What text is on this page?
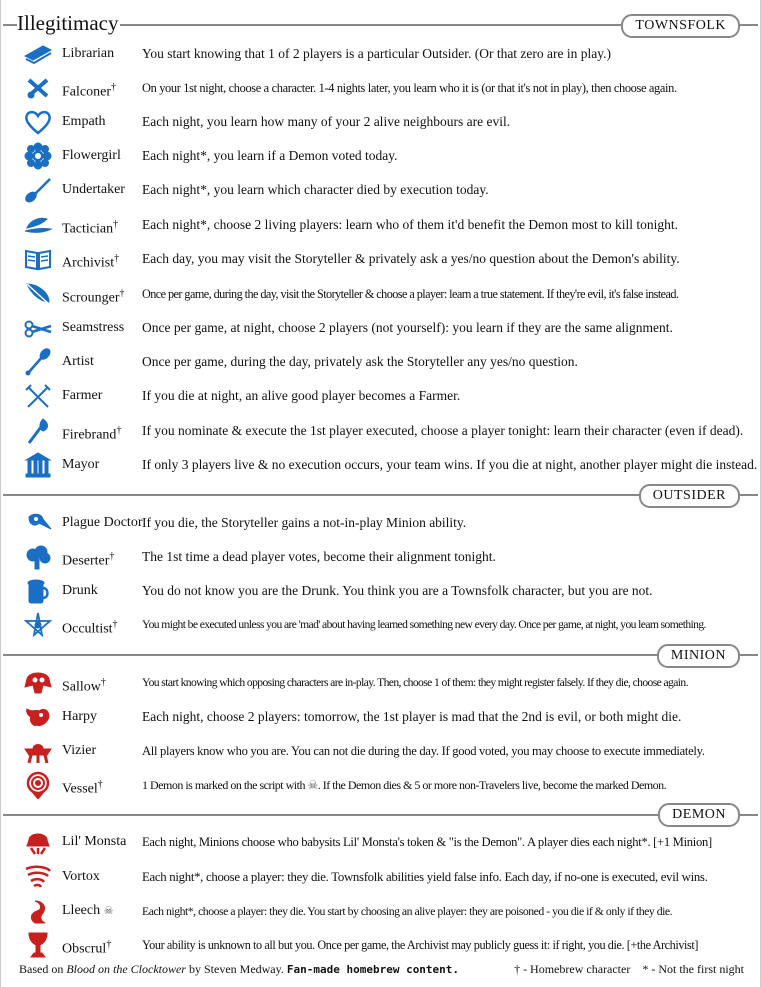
Illegitimacy	TOWNSFOLK
Librarian You start knowing that 1 of 2 players is a particular Outsider. (Or that zero are in play.)
Falconer† On your 1st night, choose a character. 1-4 nights later, you learn who it is (or that it's not in play), then choose again.
Empath	Each night, you learn how many of your 2 alive neighbours are evil.
Flowergirl Each night*, you learn if a Demon voted today.
Undertaker Each night*, you learn which character died by execution today.
Tactician† Each night*, choose 2 living players: learn who of them it'd benefit the Demon most to kill tonight.
Archivist† Each day, you may visit the Storyteller & privately ask a yes/no question about the Demon's ability.
Scrounger† Once per game, during the day, visit the Storyteller & choose a player: learn a true statement. If they're evil, it's false instead.
Seamstress Once per game, at night, choose 2 players (not yourself): you learn if they are the same alignment.
Artist	Once per game, during the day, privately ask the Storyteller any yes/no question.
Farmer	If you die at night, an alive good player becomes a Farmer.
Firebrand† If you nominate & execute the 1st player executed, choose a player tonight: learn their character (even if dead).
Mayor	If only 3 players live & no execution occurs, your team wins. If you die at night, another player might die instead.
OUTSIDER
Plague Doctor If you die, the Storyteller gains a not-in-play Minion ability.
Deserter† The 1st time a dead player votes, become their alignment tonight.
Drunk	You do not know you are the Drunk. You think you are a Townsfolk character, but you are not.
Occultist† You might be executed unless you are 'mad' about having learned something new every day. Once per game, at night, you learn something.
MINION
Sallow†	You start knowing which opposing characters are in-play. Then, choose 1 of them: they might register falsely. If they die, choose again.
Harpy	Each night, choose 2 players: tomorrow, the 1st player is mad that the 2nd is evil, or both might die.
Vizier	All players know who you are. You can not die during the day. If good voted, you may choose to execute immediately.
Vessel†	1 Demon is marked on the script with ☠. If the Demon dies & 5 or more non-Travelers live, become the marked Demon.
DEMON
Lil' Monsta Each night, Minions choose who babysits Lil' Monsta's token & "is the Demon". A player dies each night*. [+1 Minion]
Vortox	Each night*, choose a player: they die. Townsfolk abilities yield false info. Each day, if no-one is executed, evil wins.
Lleech ☠ Each night*, choose a player: they die. You start by choosing an alive player: they are poisoned - you die if & only if they die.
Obscrul†	Your ability is unknown to all but you. Once per game, the Archivist may publicly guess it: if right, you die. [+the Archivist]
Based on Blood on the Clocktower by Steven Medway. Fan-made homebrew content.	† - Homebrew character * - Not the first night
